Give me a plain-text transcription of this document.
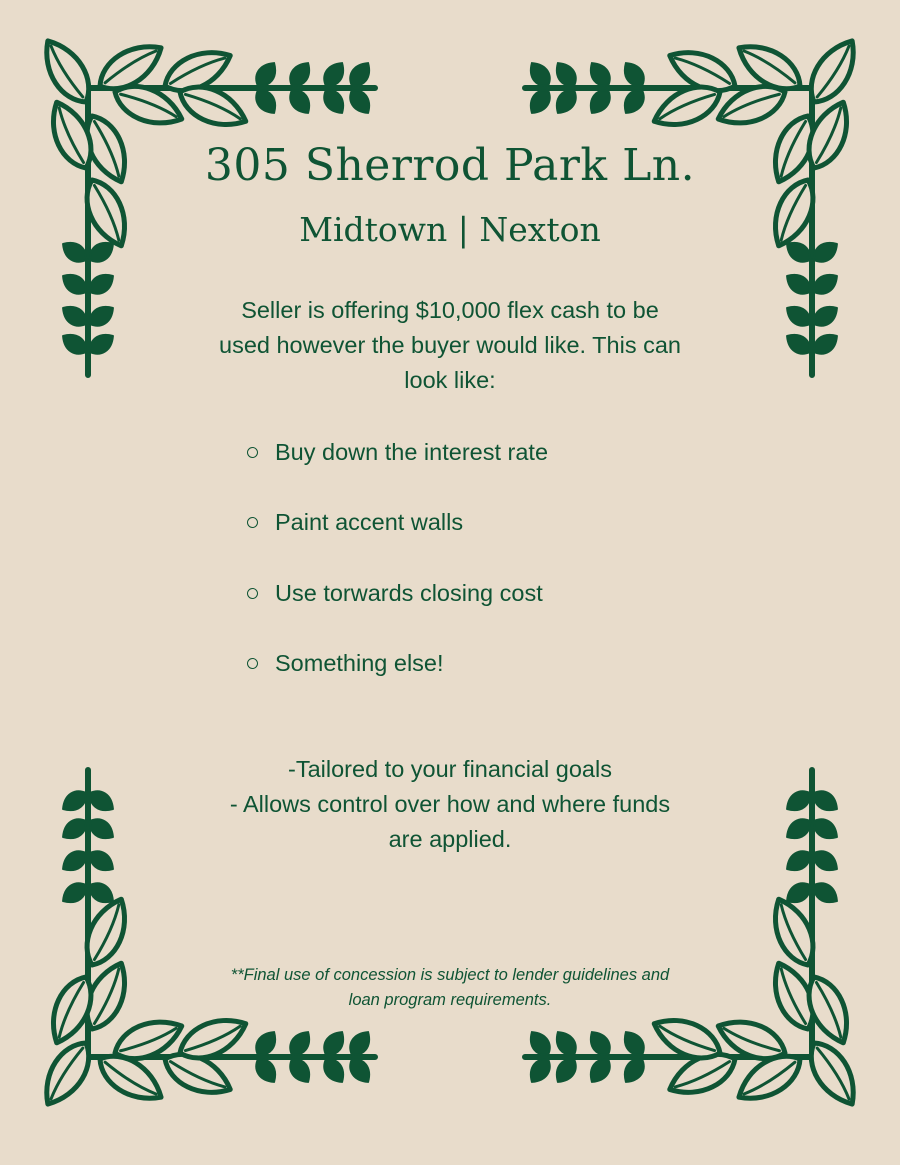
305 Sherrod Park Ln.
Midtown | Nexton

Seller is offering $10,000 flex cash to be
used however the buyer would like. This can
look like:

Buy down the interest rate
Paint accent walls
Use torwards closing cost
Something else!

-Tailored to your financial goals
- Allows control over how and where funds
are applied.

**Final use of concession is subject to lender guidelines and
loan program requirements.
